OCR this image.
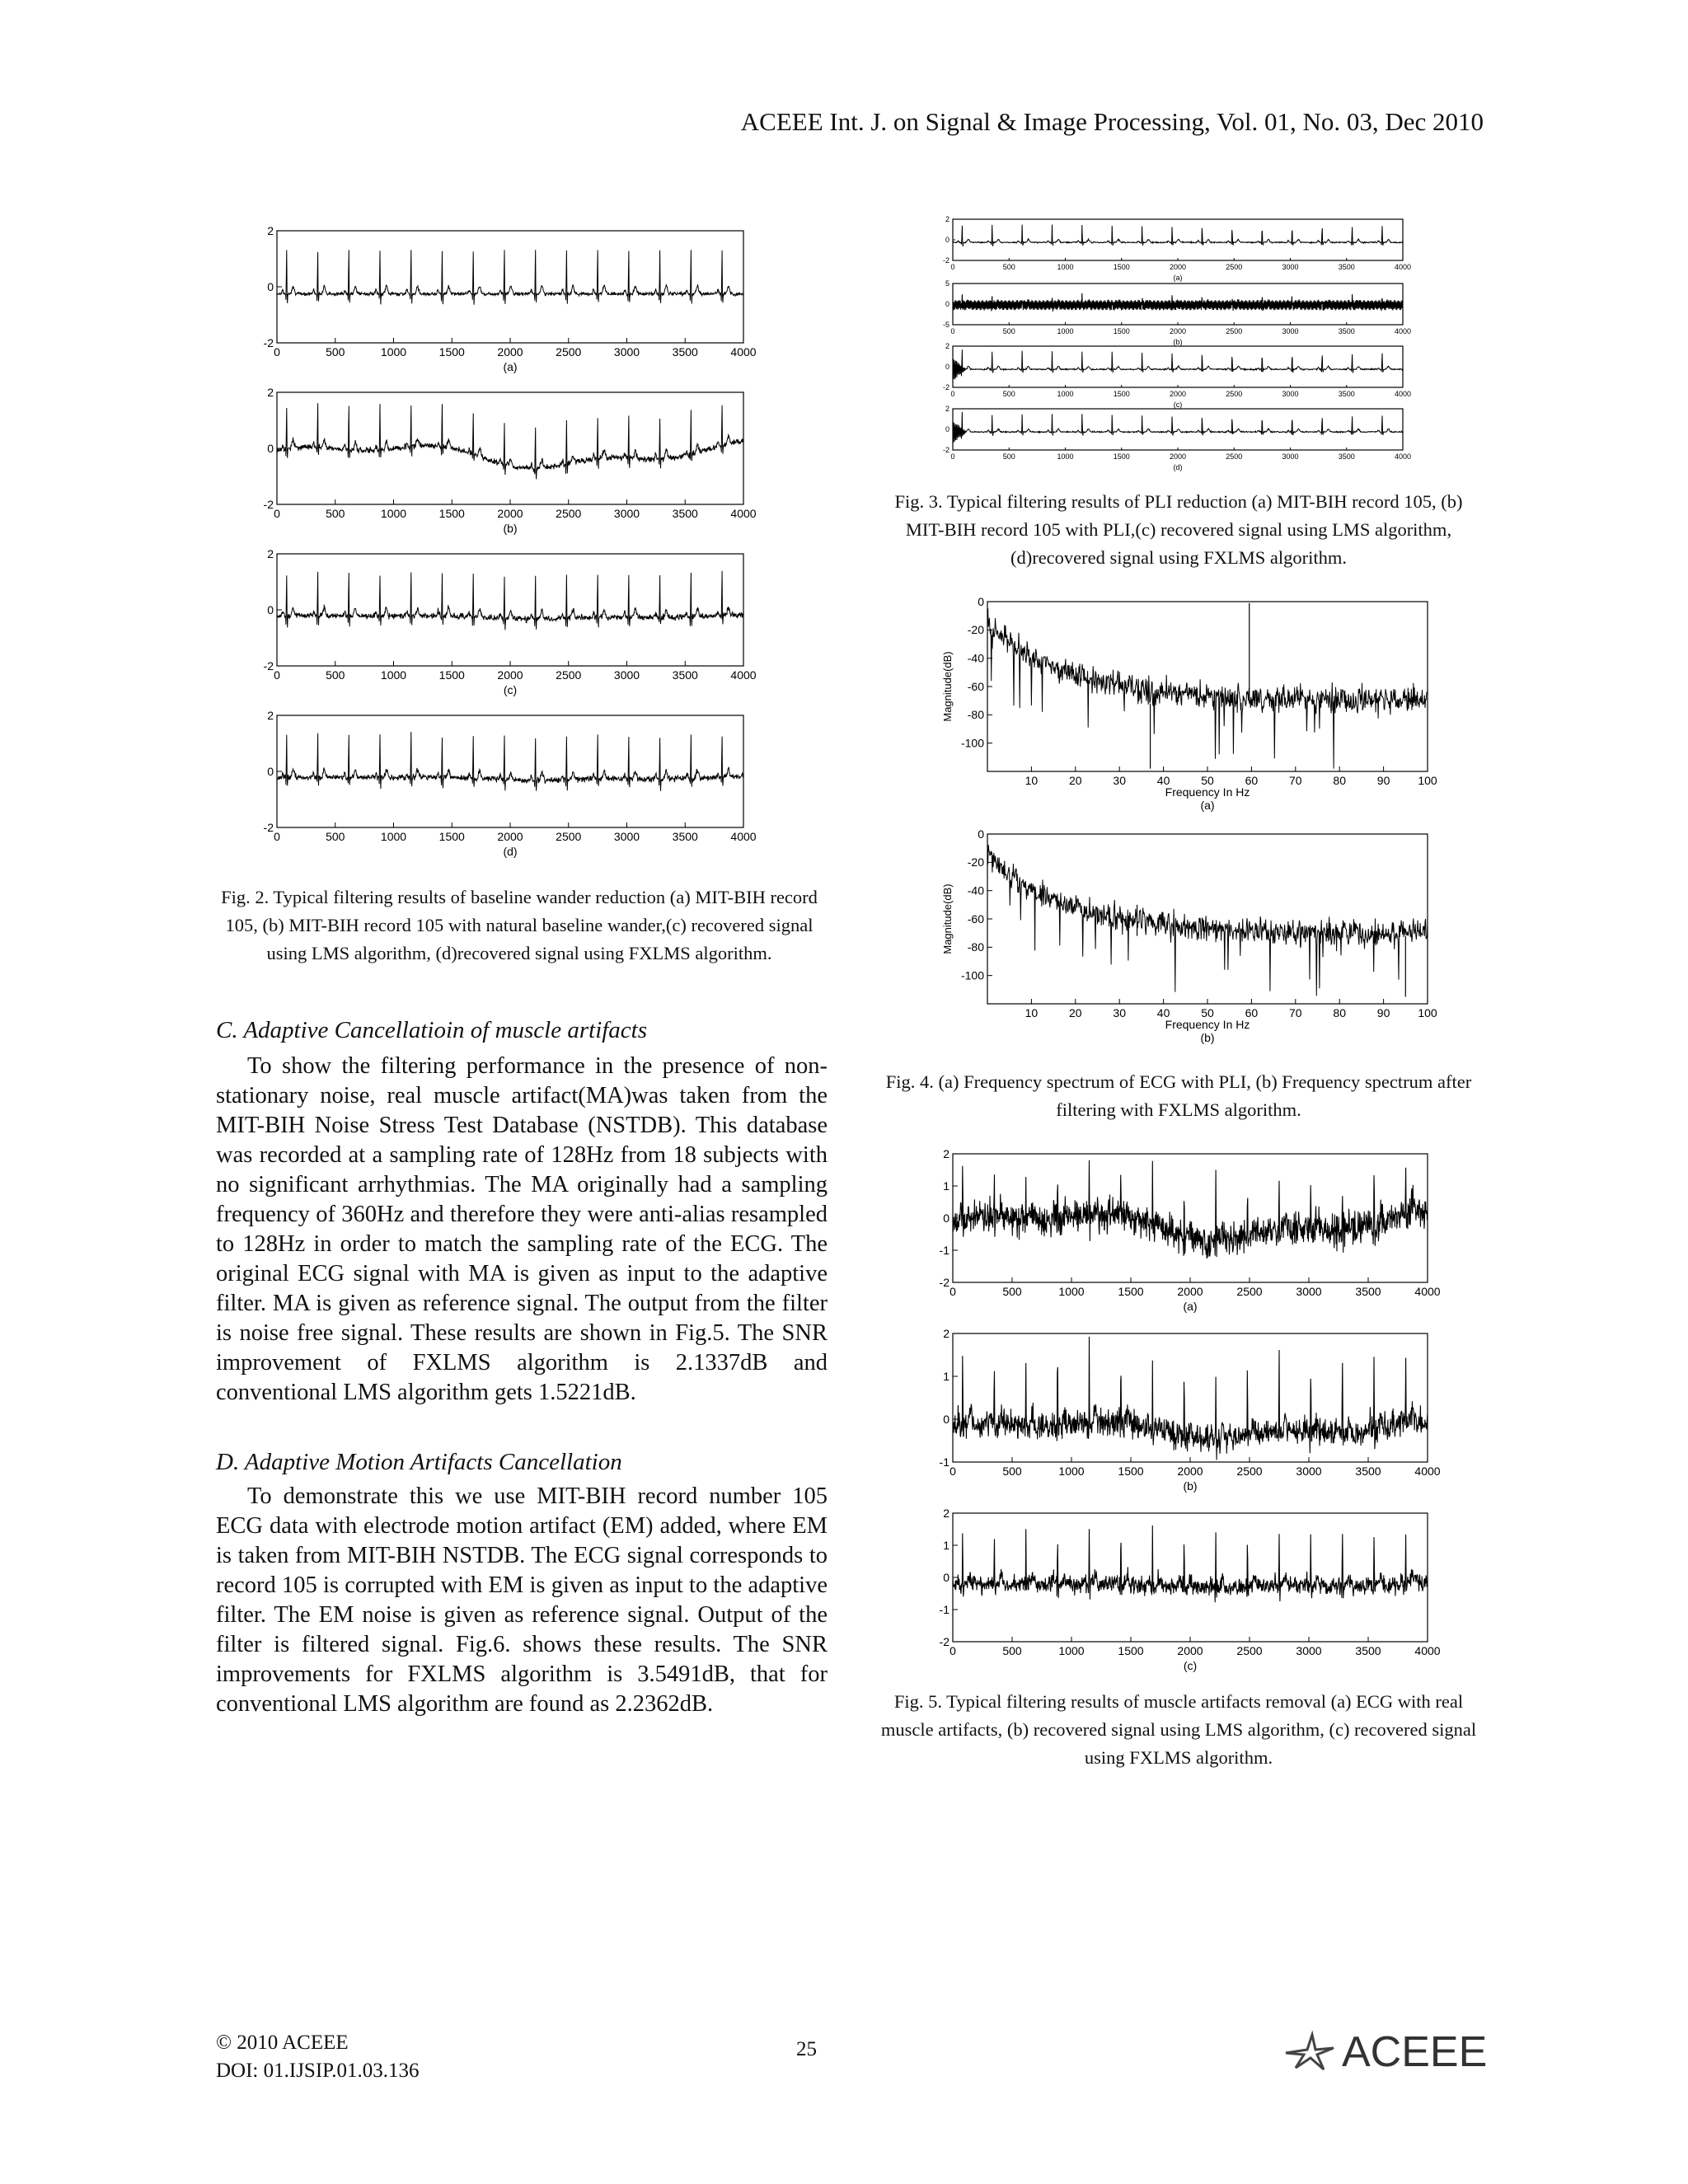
ACEEE Int. J. on Signal & Image Processing, Vol. 01, No. 03, Dec 2010
0	500	1000	1500	2000	2500	3000	3500	4000
-2
0
2
(a)
0	500	1000	1500	2000	2500	3000	3500	4000
-2
0
2
(b)
0	500	1000	1500	2000	2500	3000	3500	4000
-2
0
2
(c)
0	500	1000	1500	2000	2500	3000	3500	4000
-2
0
2
(d)
Fig. 2. Typical filtering results of baseline wander reduction (a) MIT-BIH record 105, (b) MIT-BIH record 105 with natural baseline wander,(c) recovered signal using LMS algorithm, (d)recovered signal using FXLMS algorithm.
C. Adaptive Cancellatioin of muscle artifacts

To show the filtering performance in the presence of non-stationary noise, real muscle artifact(MA)was taken from the MIT-BIH Noise Stress Test Database (NSTDB). This database was recorded at a sampling rate of 128Hz from 18 subjects with no significant arrhythmias. The MA originally had a sampling frequency of 360Hz and therefore they were anti-alias resampled to 128Hz in order to match the sampling rate of the ECG. The original ECG signal with MA is given as input to the adaptive filter. MA is given as reference signal. The output from the filter is noise free signal. These results are shown in Fig.5. The SNR improvement of FXLMS algorithm is 2.1337dB and conventional LMS algorithm gets 1.5221dB.

D. Adaptive Motion Artifacts Cancellation

To demonstrate this we use MIT-BIH record number 105 ECG data with electrode motion artifact (EM) added, where EM is taken from MIT-BIH NSTDB. The ECG signal corresponds to record 105 is corrupted with EM is given as input to the adaptive filter. The EM noise is given as reference signal. Output of the filter is filtered signal. Fig.6. shows these results. The SNR improvements for FXLMS algorithm is 3.5491dB, that for conventional LMS algorithm are found as 2.2362dB.

0	500	1000	1500	2000	2500	3000	3500	4000
-2
0
2
(a)
0	500	1000	1500	2000	2500	3000	3500	4000
-5
0
5
(b)
0	500	1000	1500	2000	2500	3000	3500	4000
-2
0
2
(c)
0	500	1000	1500	2000	2500	3000	3500	4000
-2
0
2
(d)
Fig. 3. Typical filtering results of PLI reduction (a) MIT-BIH record 105, (b) MIT-BIH record 105 with PLI,(c) recovered signal using LMS algorithm, (d)recovered signal using FXLMS algorithm.
10	20	30	40	50	60	70	80	90 100
0
-20
-40
-60
-80
-100
(a)
Frequency In Hz
Magnitude(dB)
10	20	30	40	50	60	70	80	90 100
0
-20
-40
-60
-80
-100
(b)
Frequency In Hz
Magnitude(dB)
Fig. 4. (a) Frequency spectrum of ECG with PLI, (b) Frequency spectrum after filtering with FXLMS algorithm.
0	500	1000	1500	2000	2500	3000	3500	4000
2
1
0
-1
-2
(a)
0	500	1000	1500	2000	2500	3000	3500	4000
2
1
0
-1
(b)
0	500	1000	1500	2000	2500	3000	3500	4000
2
1
0
-1
-2
(c)
Fig. 5. Typical filtering results of muscle artifacts removal (a) ECG with real muscle artifacts, (b) recovered signal using LMS algorithm, (c) recovered signal using FXLMS algorithm.
© 2010 ACEEE
DOI: 01.IJSIP.01.03.136
25	ACEEE
